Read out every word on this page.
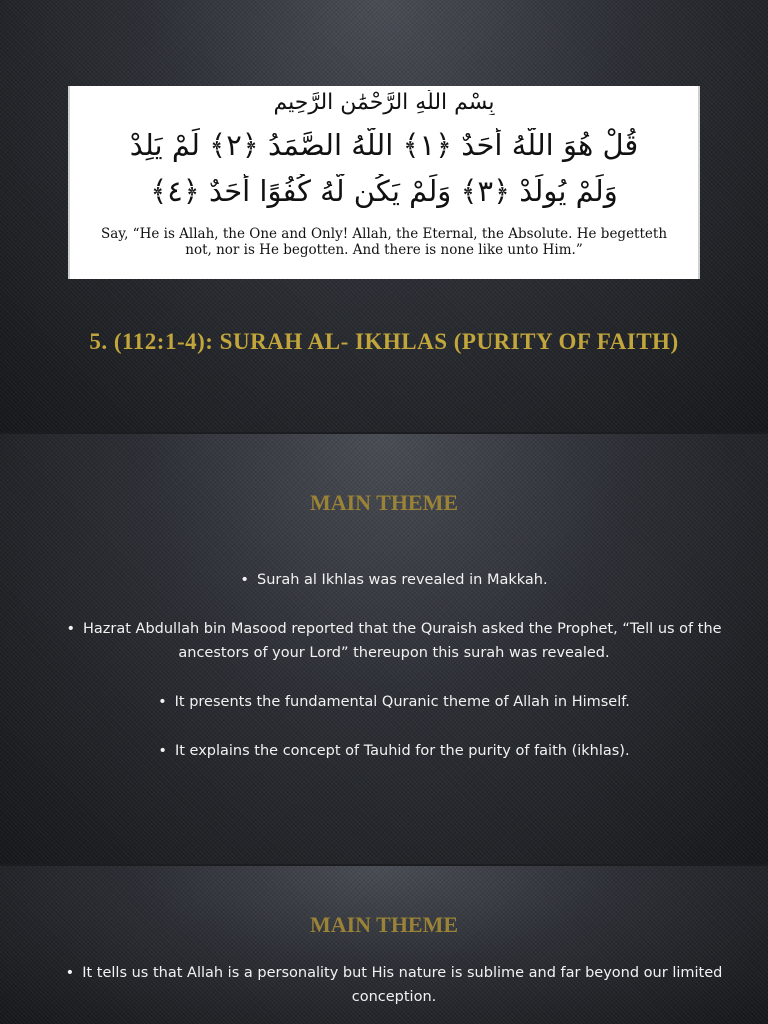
بِسْمِ اللَّهِ الرَّحْمَٰنِ الرَّحِيمِ
قُلْ هُوَ اللَّهُ أَحَدٌ ﴿١﴾ اللَّهُ الصَّمَدُ ﴿٢﴾ لَمْ يَلِدْ
وَلَمْ يُولَدْ ﴿٣﴾ وَلَمْ يَكُن لَّهُ كُفُوًا أَحَدٌ ﴿٤﴾
Say, “He is Allah, the One and Only! Allah, the Eternal, the Absolute. He begetteth not, nor is He begotten. And there is none like unto Him.”
5. (112:1-4): SURAH AL- IKHLAS (PURITY OF FAITH)
MAIN THEME
• Surah al Ikhlas was revealed in Makkah.
• Hazrat Abdullah bin Masood reported that the Quraish asked the Prophet, “Tell us of the ancestors of your Lord” thereupon this surah was revealed.
• It presents the fundamental Quranic theme of Allah in Himself.
• It explains the concept of Tauhid for the purity of faith (ikhlas).
MAIN THEME
• It tells us that Allah is a personality but His nature is sublime and far beyond our limited conception.
